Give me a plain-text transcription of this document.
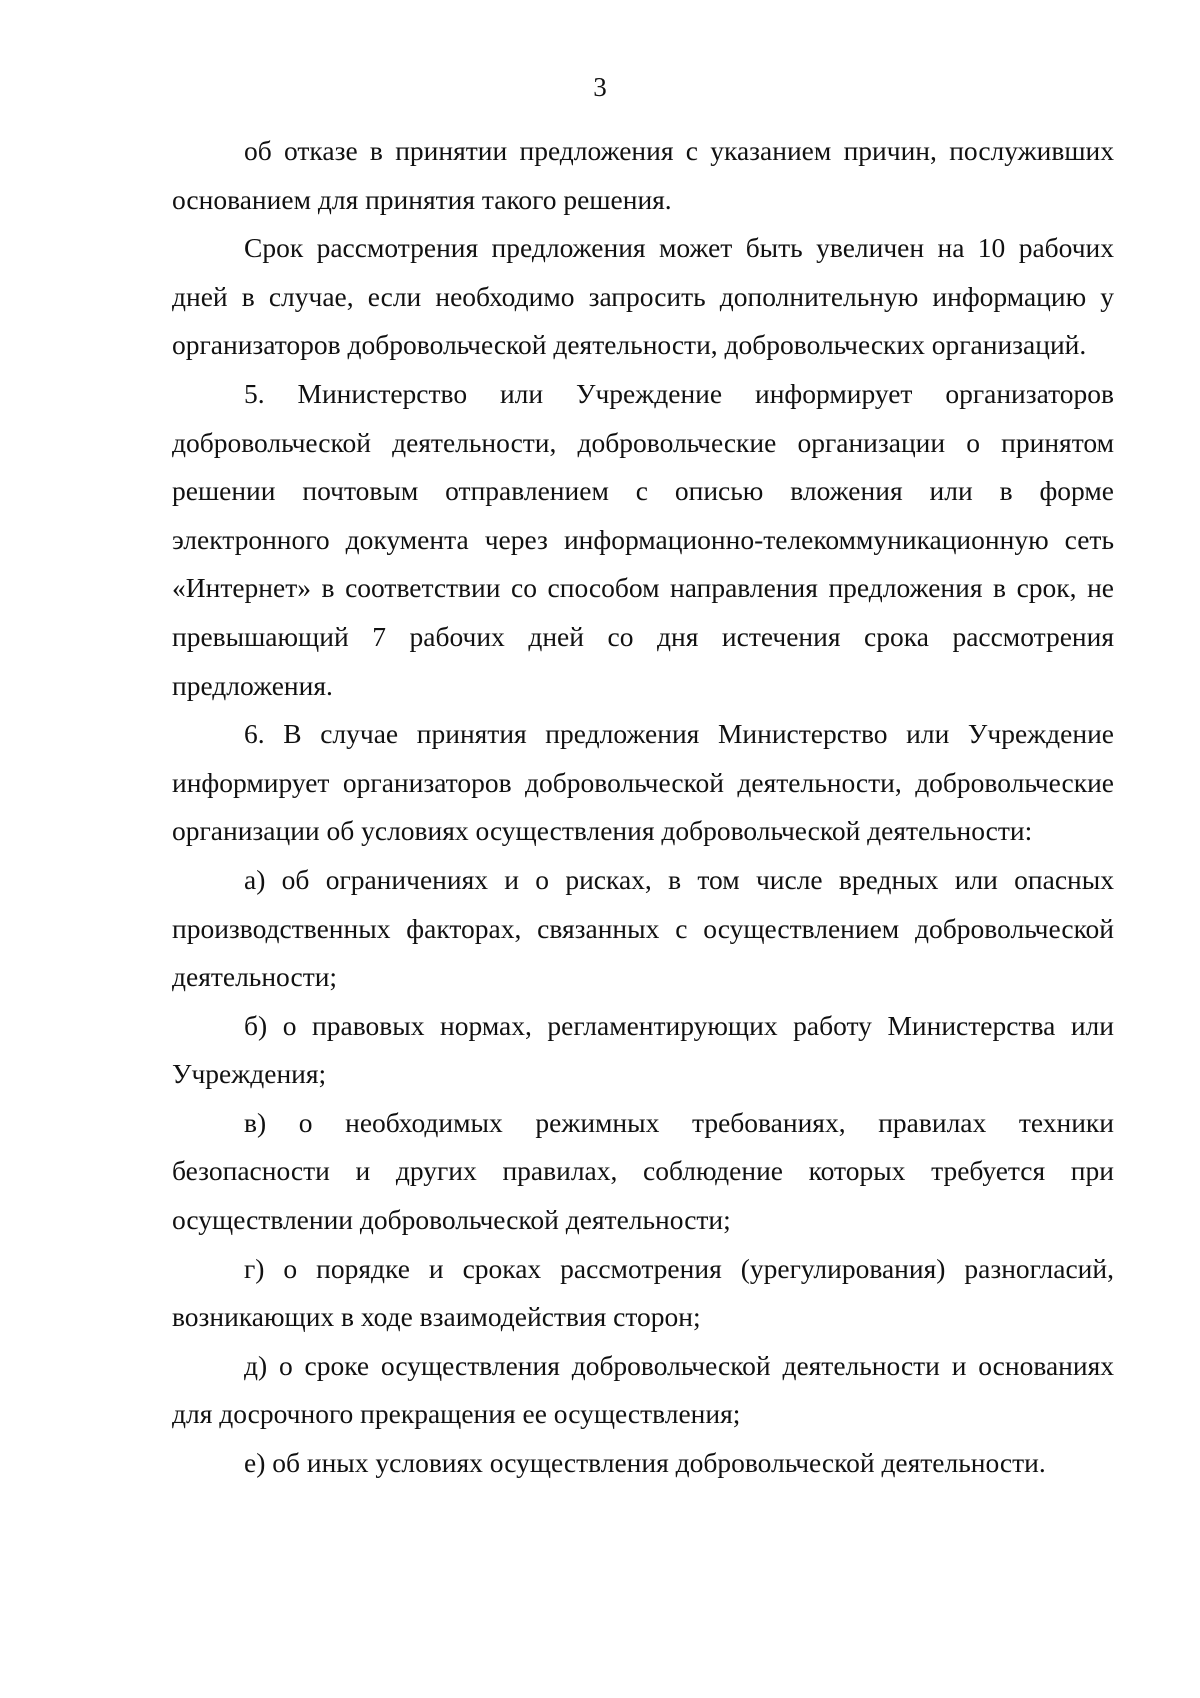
3

об отказе в принятии предложения с указанием причин, послуживших основанием для принятия такого решения.

Срок рассмотрения предложения может быть увеличен на 10 рабочих дней в случае, если необходимо запросить дополнительную информацию у организаторов добровольческой деятельности, добровольческих организаций.

5. Министерство или Учреждение информирует организаторов добровольческой деятельности, добровольческие организации о принятом решении почтовым отправлением с описью вложения или в форме электронного документа через информационно-телекоммуникационную сеть «Интернет» в соответствии со способом направления предложения в срок, не превышающий 7 рабочих дней со дня истечения срока рассмотрения предложения.

6. В случае принятия предложения Министерство или Учреждение информирует организаторов добровольческой деятельности, добровольческие организации об условиях осуществления добровольческой деятельности:

а) об ограничениях и о рисках, в том числе вредных или опасных производственных факторах, связанных с осуществлением добровольческой деятельности;

б) о правовых нормах, регламентирующих работу Министерства или Учреждения;

в) о необходимых режимных требованиях, правилах техники безопасности и других правилах, соблюдение которых требуется при осуществлении добровольческой деятельности;

г) о порядке и сроках рассмотрения (урегулирования) разногласий, возникающих в ходе взаимодействия сторон;

д) о сроке осуществления добровольческой деятельности и основаниях для досрочного прекращения ее осуществления;

е) об иных условиях осуществления добровольческой деятельности.
